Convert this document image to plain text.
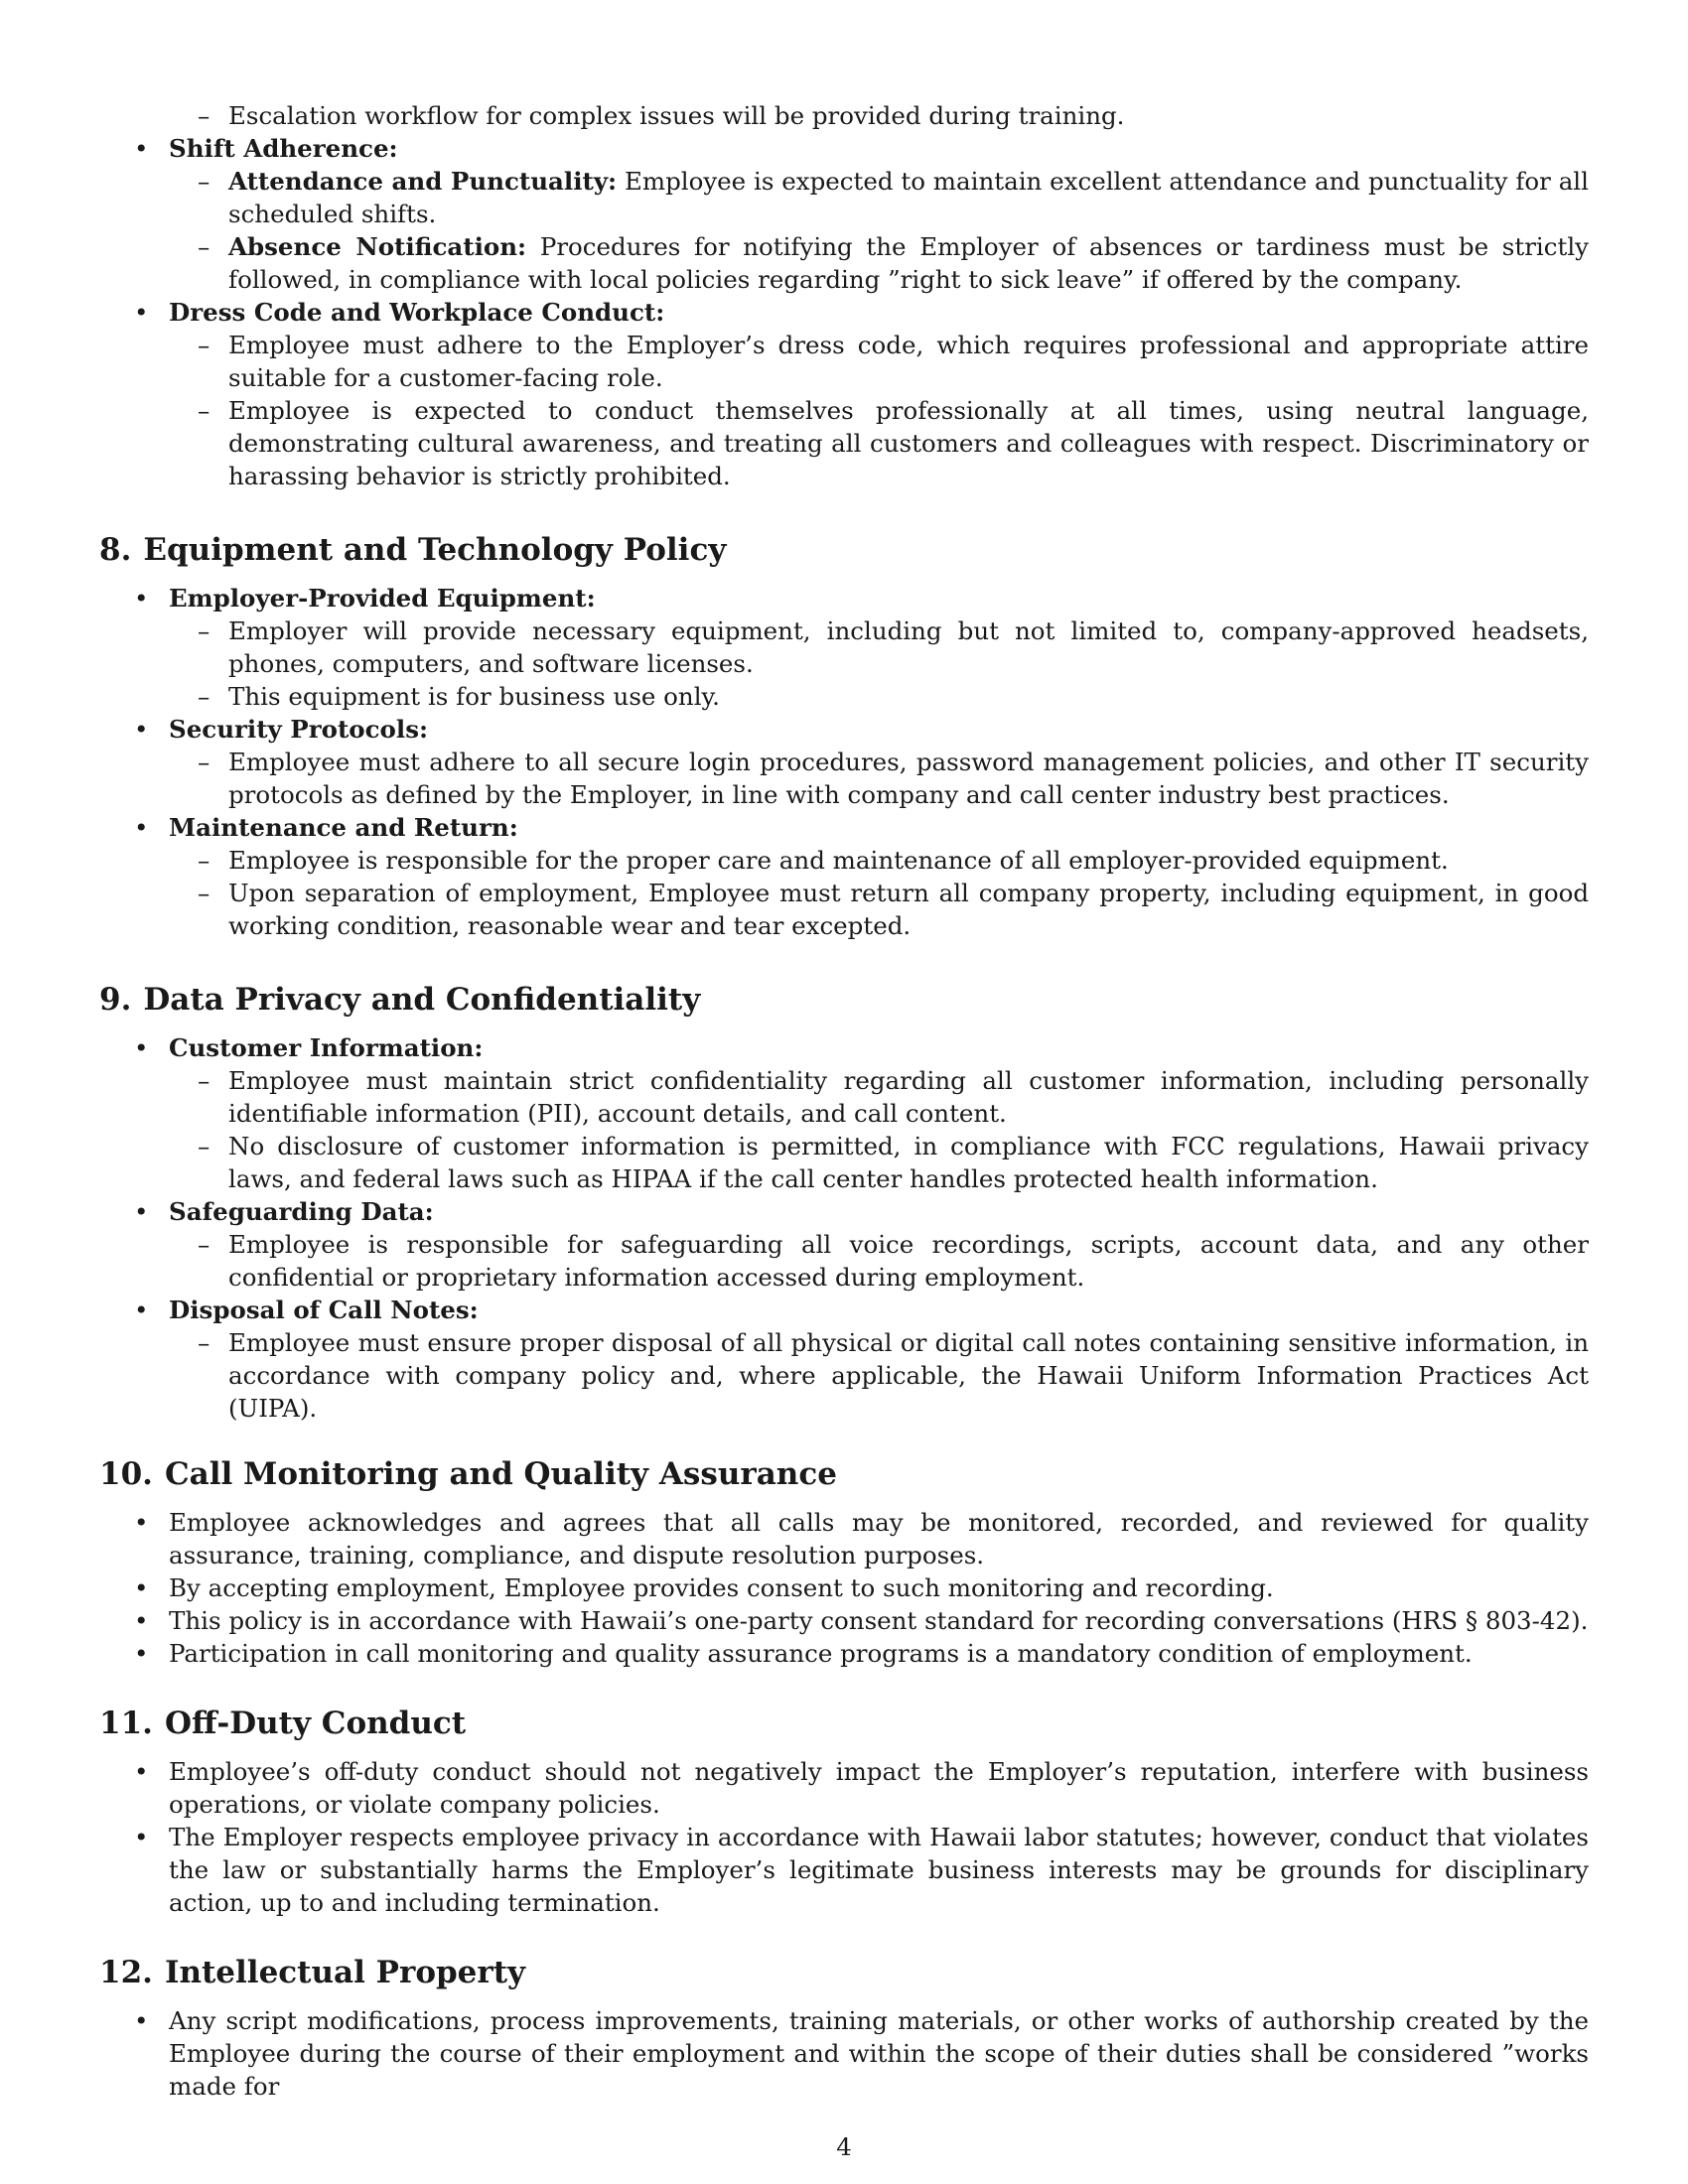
– Escalation workflow for complex issues will be provided during training.
• Shift Adherence:
– Attendance and Punctuality: Employee is expected to maintain excellent attendance and punctuality for all scheduled shifts.
– Absence Notification: Procedures for notifying the Employer of absences or tardiness must be strictly followed, in compliance with local policies regarding ”right to sick leave” if offered by the company.
• Dress Code and Workplace Conduct:
– Employee must adhere to the Employer’s dress code, which requires professional and appropriate attire suitable for a customer-facing role.
– Employee is expected to conduct themselves professionally at all times, using neutral language, demonstrating cultural awareness, and treating all customers and colleagues with respect. Discriminatory or harassing behavior is strictly prohibited.
8. Equipment and Technology Policy
• Employer-Provided Equipment:
– Employer will provide necessary equipment, including but not limited to, company-approved headsets, phones, computers, and software licenses.
– This equipment is for business use only.
• Security Protocols:
– Employee must adhere to all secure login procedures, password management policies, and other IT security protocols as defined by the Employer, in line with company and call center industry best practices.
• Maintenance and Return:
– Employee is responsible for the proper care and maintenance of all employer-provided equipment.
– Upon separation of employment, Employee must return all company property, including equipment, in good working condition, reasonable wear and tear excepted.
9. Data Privacy and Confidentiality
• Customer Information:
– Employee must maintain strict confidentiality regarding all customer information, including personally identifiable information (PII), account details, and call content.
– No disclosure of customer information is permitted, in compliance with FCC regulations, Hawaii privacy laws, and federal laws such as HIPAA if the call center handles protected health information.
• Safeguarding Data:
– Employee is responsible for safeguarding all voice recordings, scripts, account data, and any other confidential or proprietary information accessed during employment.
• Disposal of Call Notes:
– Employee must ensure proper disposal of all physical or digital call notes containing sensitive information, in accordance with company policy and, where applicable, the Hawaii Uniform Information Practices Act (UIPA).
10. Call Monitoring and Quality Assurance
• Employee acknowledges and agrees that all calls may be monitored, recorded, and reviewed for quality assurance, training, compliance, and dispute resolution purposes.
• By accepting employment, Employee provides consent to such monitoring and recording.
• This policy is in accordance with Hawaii’s one-party consent standard for recording conversations (HRS § 803-42).
• Participation in call monitoring and quality assurance programs is a mandatory condition of employment.
11. Off-Duty Conduct
• Employee’s off-duty conduct should not negatively impact the Employer’s reputation, interfere with business operations, or violate company policies.
• The Employer respects employee privacy in accordance with Hawaii labor statutes; however, conduct that violates the law or substantially harms the Employer’s legitimate business interests may be grounds for disciplinary action, up to and including termination.
12. Intellectual Property
• Any script modifications, process improvements, training materials, or other works of authorship created by the Employee during the course of their employment and within the scope of their duties shall be considered ”works made for
4
